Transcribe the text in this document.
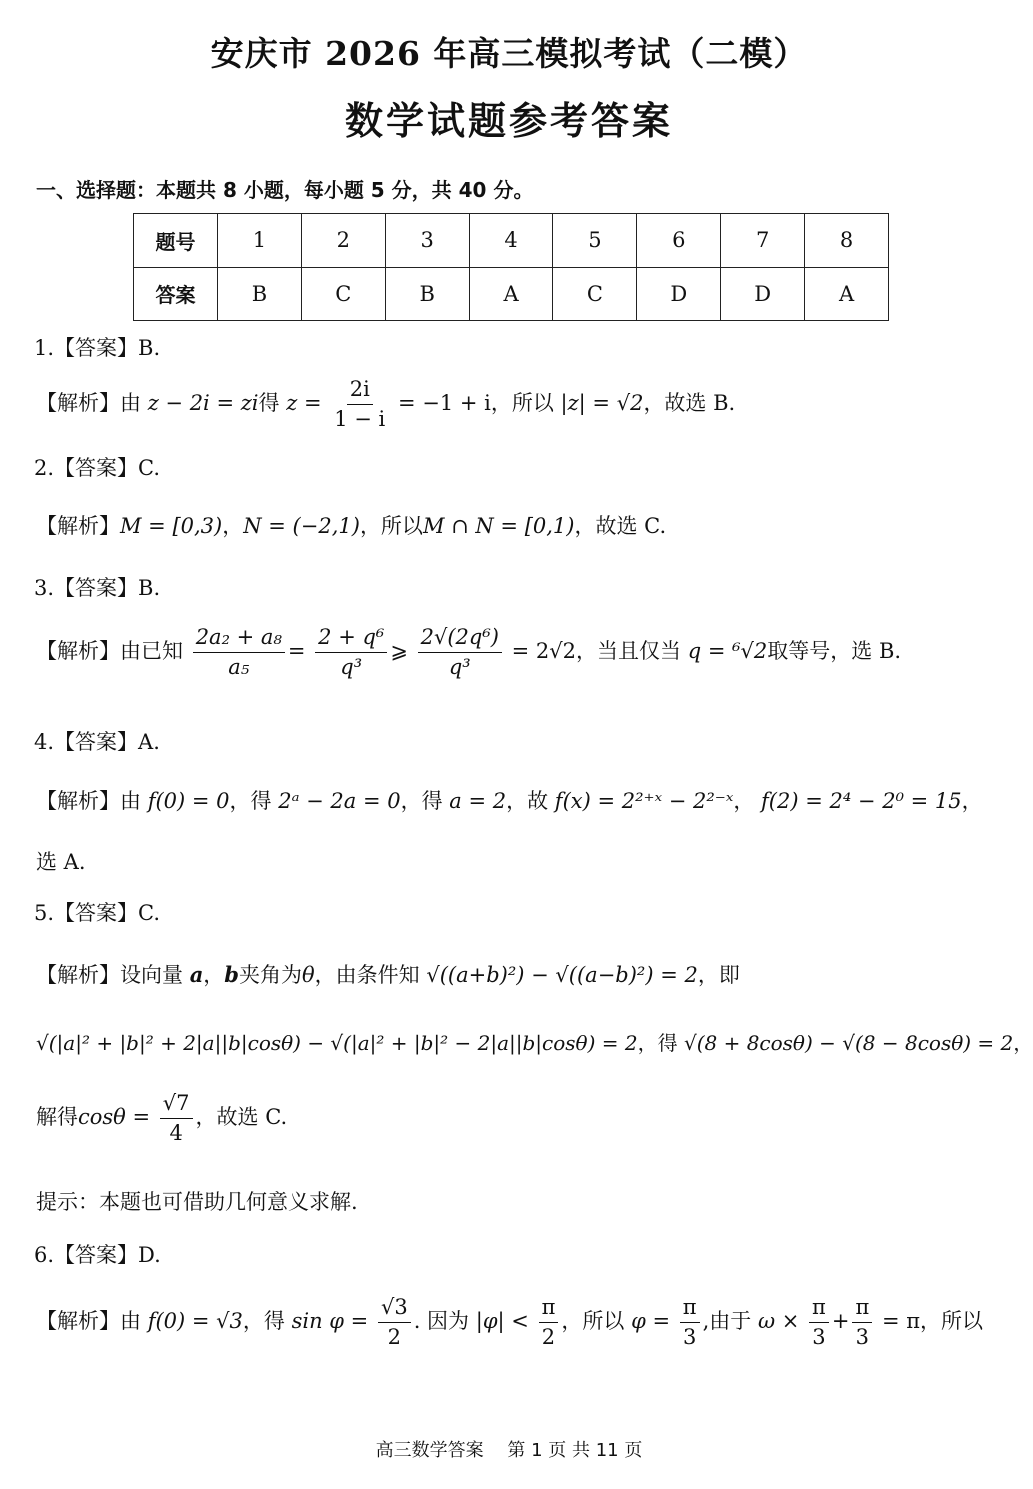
安庆市 2026 年高三模拟考试（二模）
数学试题参考答案
一、选择题：本题共 8 小题，每小题 5 分，共 40 分。
题号	1	2	3	4	5	6	7	8
答案	B	C	B	A	C	D	D	A
1.【答案】B.
【解析】由 z − 2i = zi得 $z = \frac{2i}{1 - i} = -1 + i$，所以 |z| = √2，故选 B.
2.【答案】C.
【解析】M = [0,3)，N = (−2,1)，所以M ∩ N = [0,1)，故选 C.
3.【答案】B.
【解析】由已知 $\frac{\text{2a₂ + a₈}}{\text{a₅}} = \frac{\text{2 + q⁶}}{\text{q³}}$ ⩾ $\frac{\text{2√(2q⁶)}}{\text{q³}} = 2√2$，当且仅当 q = ⁶√2取等号，选 B.
4.【答案】A.
【解析】由 f(0) = 0，得 2ᵃ − 2a = 0，得 a = 2，故 f(x) = 2²⁺ˣ − 2²⁻ˣ， f(2) = 2⁴ − 2⁰ = 15，
选 A.
5.【答案】C.
【解析】设向量 a，b夹角为θ，由条件知 √((a+b)²) − √((a−b)²) = 2，即
√(|a|² + |b|² + 2|a||b|cosθ) − √(|a|² + |b|² − 2|a||b|cosθ) = 2，得 √(8 + 8cosθ) − √(8 − 8cosθ) = 2，
解得$\cos\theta = \frac{√7}{4}$ ，故选 C.
提示：本题也可借助几何意义求解.
6.【答案】D.
【解析】由 f(0) = √3，得 $\sin \varphi = \frac{√3}{2}$ . 因为 $|\varphi| < \frac{\pi}{2}$ ，所以 $\varphi = \frac{\pi}{3}$ ,由于 $\omega \times \frac{\pi}{3} + \frac{\pi}{3} = \pi$，所以
高三数学答案　 第 1 页 共 11 页
